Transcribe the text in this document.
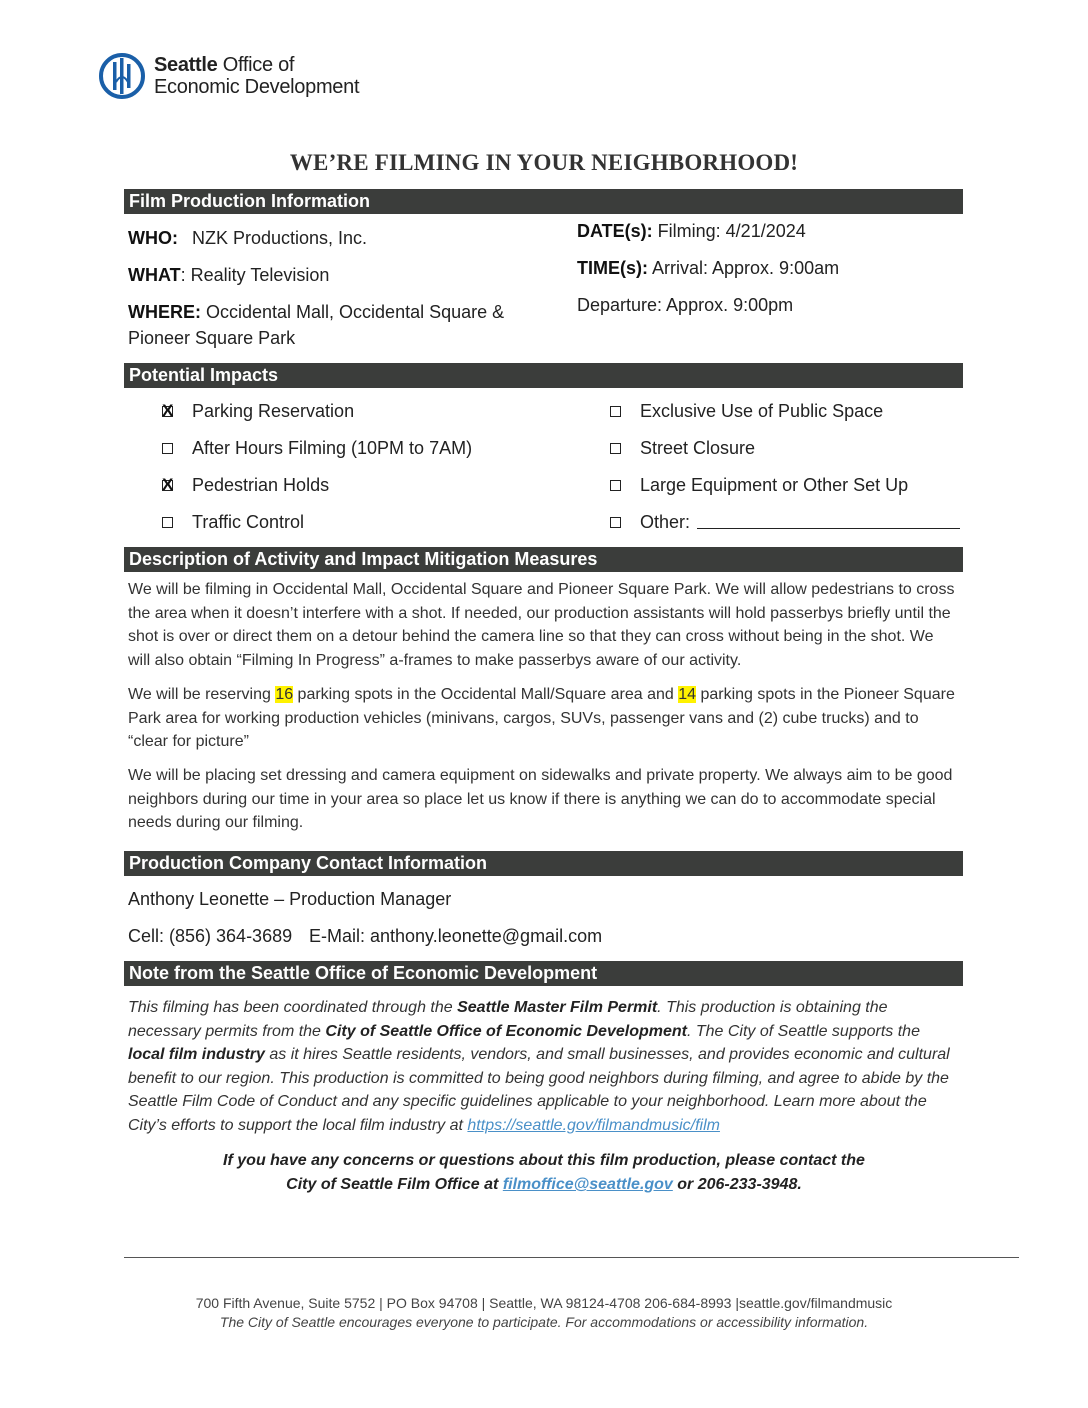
Seattle Office of
Economic Development
WE’RE FILMING IN YOUR NEIGHBORHOOD!
Film Production Information
WHO: NZK Productions, Inc.
WHAT: Reality Television
WHERE: Occidental Mall, Occidental Square &
Pioneer Square Park
DATE(s): Filming: 4/21/2024
TIME(s): Arrival: Approx. 9:00am
Departure: Approx. 9:00pm
Potential Impacts
X Parking Reservation
After Hours Filming (10PM to 7AM)
X Pedestrian Holds
Traffic Control
Exclusive Use of Public Space
Street Closure
Large Equipment or Other Set Up
Other:
Description of Activity and Impact Mitigation Measures
We will be filming in Occidental Mall, Occidental Square and Pioneer Square Park. We will allow pedestrians to cross the area when it doesn’t interfere with a shot. If needed, our production assistants will hold passerbys briefly until the shot is over or direct them on a detour behind the camera line so that they can cross without being in the shot. We will also obtain “Filming In Progress” a-frames to make passerbys aware of our activity.
We will be reserving 16 parking spots in the Occidental Mall/Square area and 14 parking spots in the Pioneer Square Park area for working production vehicles (minivans, cargos, SUVs, passenger vans and (2) cube trucks) and to “clear for picture”
We will be placing set dressing and camera equipment on sidewalks and private property. We always aim to be good neighbors during our time in your area so place let us know if there is anything we can do to accommodate special needs during our filming.
Production Company Contact Information
Anthony Leonette – Production Manager
Cell: (856) 364-3689 E-Mail: anthony.leonette@gmail.com
Note from the Seattle Office of Economic Development
This filming has been coordinated through the Seattle Master Film Permit. This production is obtaining the necessary permits from the City of Seattle Office of Economic Development. The City of Seattle supports the local film industry as it hires Seattle residents, vendors, and small businesses, and provides economic and cultural benefit to our region. This production is committed to being good neighbors during filming, and agree to abide by the Seattle Film Code of Conduct and any specific guidelines applicable to your neighborhood. Learn more about the City’s efforts to support the local film industry at https://seattle.gov/filmandmusic/film
If you have any concerns or questions about this film production, please contact the
City of Seattle Film Office at filmoffice@seattle.gov or 206-233-3948.
700 Fifth Avenue, Suite 5752 | PO Box 94708 | Seattle, WA 98124-4708 206-684-8993 |seattle.gov/filmandmusic
The City of Seattle encourages everyone to participate. For accommodations or accessibility information.
